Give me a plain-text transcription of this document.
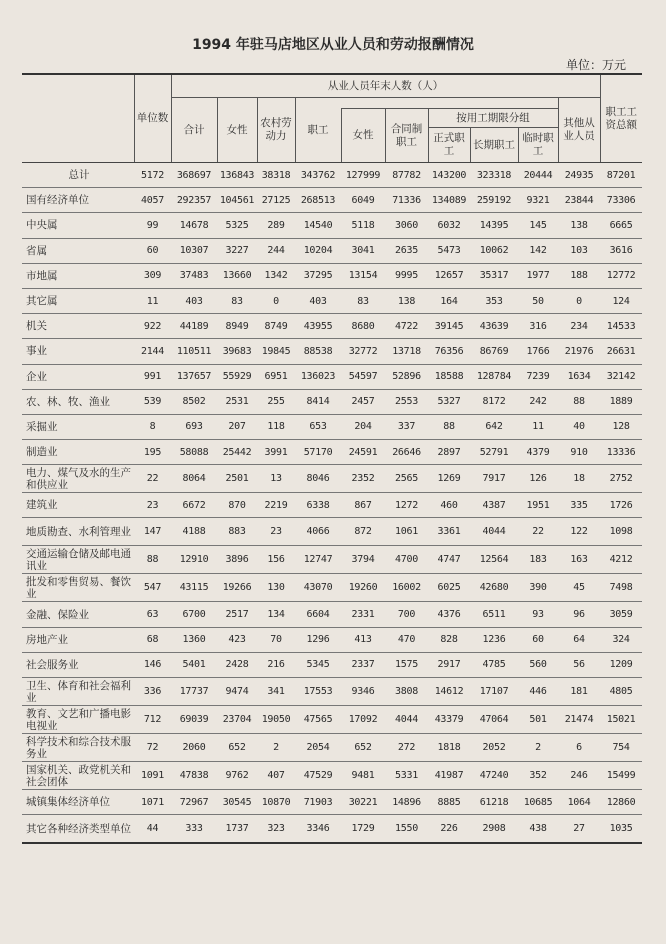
1994 年驻马店地区从业人员和劳动报酬情况
单位：万元
	单位数	从业人员年末人数（人）										职工工资总额
		合计	女性	农村劳动力	职工						其他从业人员	
						女性	合同制职工	按用工期限分组				
								正式职工	长期职工	临时职工		
总计	5172	368697	136843	38318	343762	127999	87782	143200	323318	20444	24935	87201
国有经济单位	4057	292357	104561	27125	268513	6049	71336	134089	259192	9321	23844	73306
中央属	99	14678	5325	289	14540	5118	3060	6032	14395	145	138	6665
省属	60	10307	3227	244	10204	3041	2635	5473	10062	142	103	3616
市地属	309	37483	13660	1342	37295	13154	9995	12657	35317	1977	188	12772
其它属	11	403	83	0	403	83	138	164	353	50	0	124
机关	922	44189	8949	8749	43955	8680	4722	39145	43639	316	234	14533
事业	2144	110511	39683	19845	88538	32772	13718	76356	86769	1766	21976	26631
企业	991	137657	55929	6951	136023	54597	52896	18588	128784	7239	1634	32142
农、林、牧、渔业	539	8502	2531	255	8414	2457	2553	5327	8172	242	88	1889
采掘业	8	693	207	118	653	204	337	88	642	11	40	128
制造业	195	58088	25442	3991	57170	24591	26646	2897	52791	4379	910	13336
电力、煤气及水的生产和供应业	22	8064	2501	13	8046	2352	2565	1269	7917	126	18	2752
建筑业	23	6672	870	2219	6338	867	1272	460	4387	1951	335	1726
地质勘查、水利管理业	147	4188	883	23	4066	872	1061	3361	4044	22	122	1098
交通运输仓储及邮电通讯业	88	12910	3896	156	12747	3794	4700	4747	12564	183	163	4212
批发和零售贸易、餐饮业	547	43115	19266	130	43070	19260	16002	6025	42680	390	45	7498
金融、保险业	63	6700	2517	134	6604	2331	700	4376	6511	93	96	3059
房地产业	68	1360	423	70	1296	413	470	828	1236	60	64	324
社会服务业	146	5401	2428	216	5345	2337	1575	2917	4785	560	56	1209
卫生、体育和社会福利业	336	17737	9474	341	17553	9346	3808	14612	17107	446	181	4805
教育、文艺和广播电影电视业	712	69039	23704	19050	47565	17092	4044	43379	47064	501	21474	15021
科学技术和综合技术服务业	72	2060	652	2	2054	652	272	1818	2052	2	6	754
国家机关、政党机关和社会团体	1091	47838	9762	407	47529	9481	5331	41987	47240	352	246	15499
城镇集体经济单位	1071	72967	30545	10870	71903	30221	14896	8885	61218	10685	1064	12860
其它各种经济类型单位	44	333	1737	323	3346	1729	1550	226	2908	438	27	1035
